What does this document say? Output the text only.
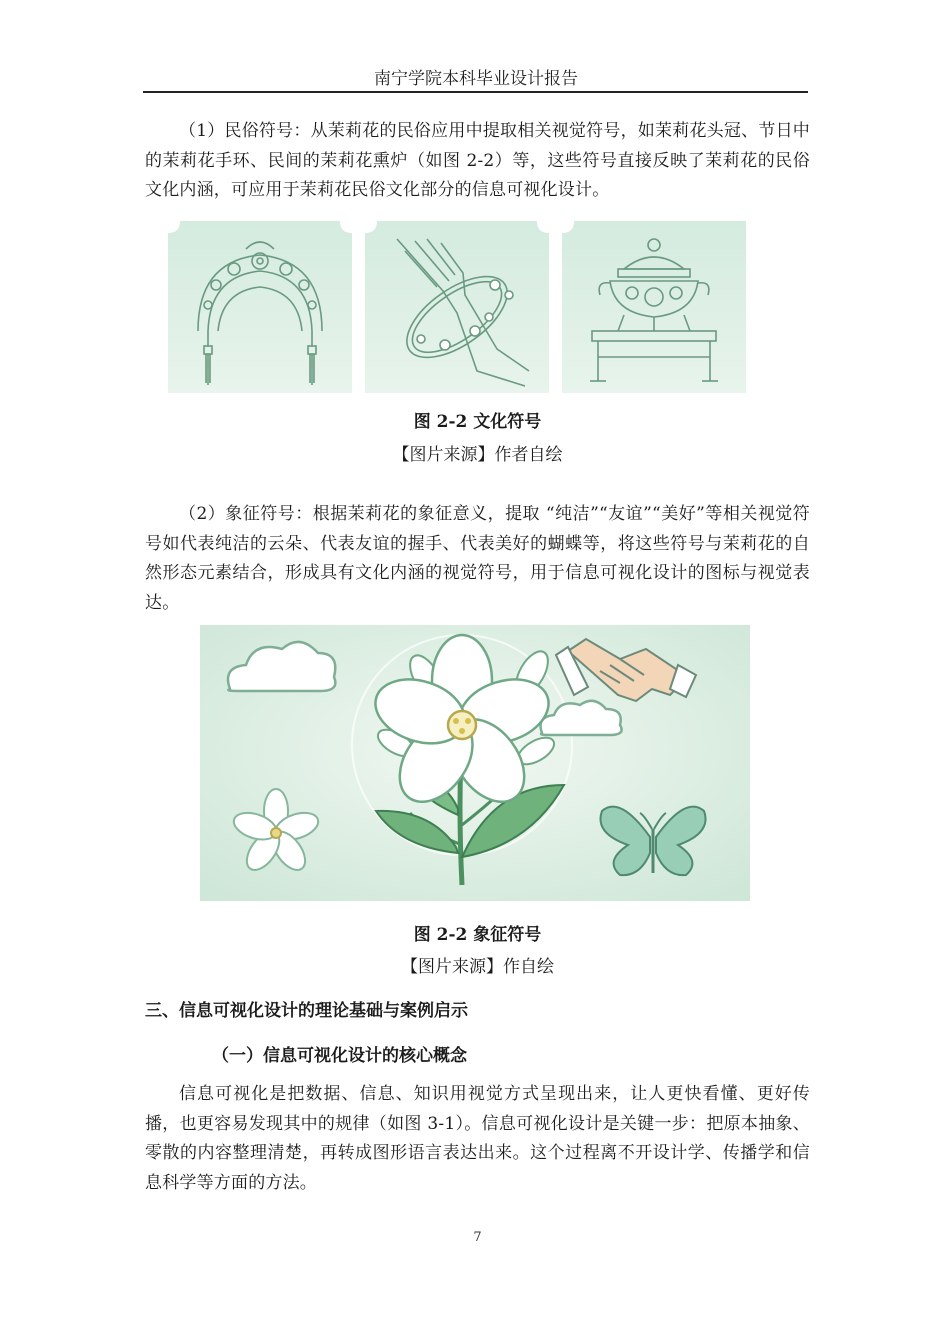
南宁学院本科毕业设计报告

（1）民俗符号：从茉莉花的民俗应用中提取相关视觉符号，如茉莉花头冠、节日中的茉莉花手环、民间的茉莉花熏炉（如图 2-2）等，这些符号直接反映了茉莉花的民俗文化内涵，可应用于茉莉花民俗文化部分的信息可视化设计。

图 2-2 文化符号

【图片来源】作者自绘

（2）象征符号：根据茉莉花的象征意义，提取 “纯洁”“友谊”“美好”等相关视觉符号如代表纯洁的云朵、代表友谊的握手、代表美好的蝴蝶等，将这些符号与茉莉花的自然形态元素结合，形成具有文化内涵的视觉符号，用于信息可视化设计的图标与视觉表达。

图 2-2 象征符号

【图片来源】作自绘

三、信息可视化设计的理论基础与案例启示

（一）信息可视化设计的核心概念

信息可视化是把数据、信息、知识用视觉方式呈现出来，让人更快看懂、更好传播，也更容易发现其中的规律（如图 3-1）。信息可视化设计是关键一步：把原本抽象、零散的内容整理清楚，再转成图形语言表达出来。这个过程离不开设计学、传播学和信息科学等方面的方法。

7
